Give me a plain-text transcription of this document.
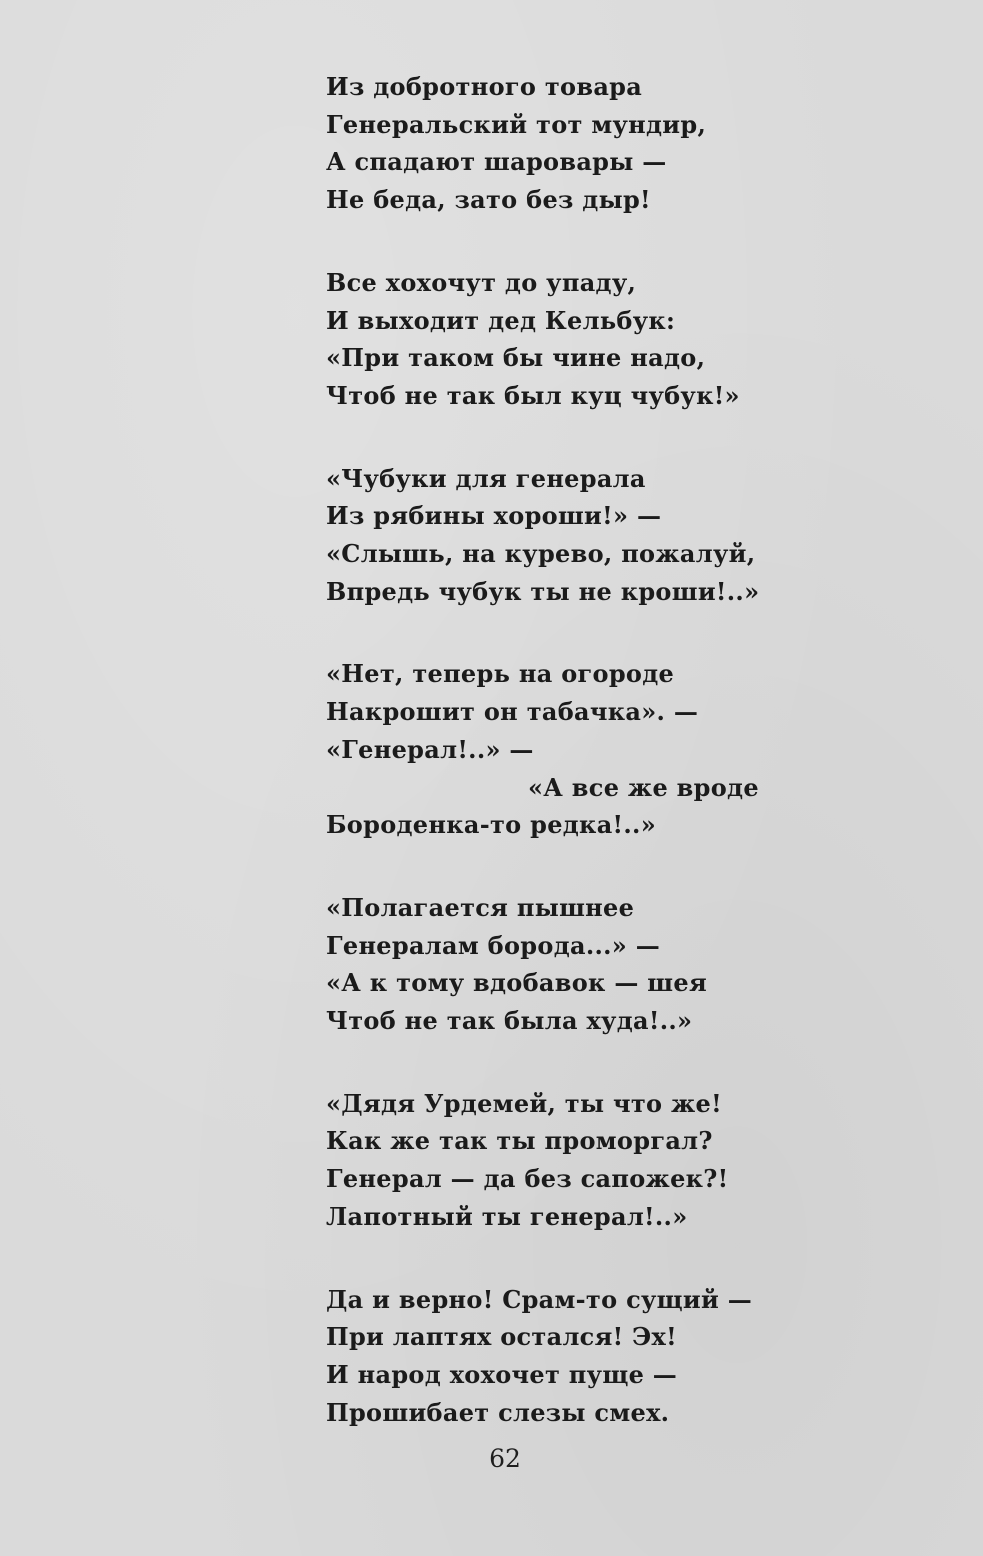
Из добротного товара
Генеральский тот мундир,
А спадают шаровары —
Не беда, зато без дыр!
Все хохочут до упаду,
И выходит дед Кельбук:
«При таком бы чине надо,
Чтоб не так был куц чубук!»
«Чубуки для генерала
Из рябины хороши!» —
«Слышь, на курево, пожалуй,
Впредь чубук ты не кроши!..»
«Нет, теперь на огороде
Накрошит он табачка». —
«Генерал!..» —
«А все же вроде
Бороденка-то редка!..»
«Полагается пышнее
Генералам борода...» —
«А к тому вдобавок — шея
Чтоб не так была худа!..»
«Дядя Урдемей, ты что же!
Как же так ты проморгал?
Генерал — да без сапожек?!
Лапотный ты генерал!..»
Да и верно! Срам-то сущий —
При лаптях остался! Эх!
И народ хохочет пуще —
Прошибает слезы смех.
62
